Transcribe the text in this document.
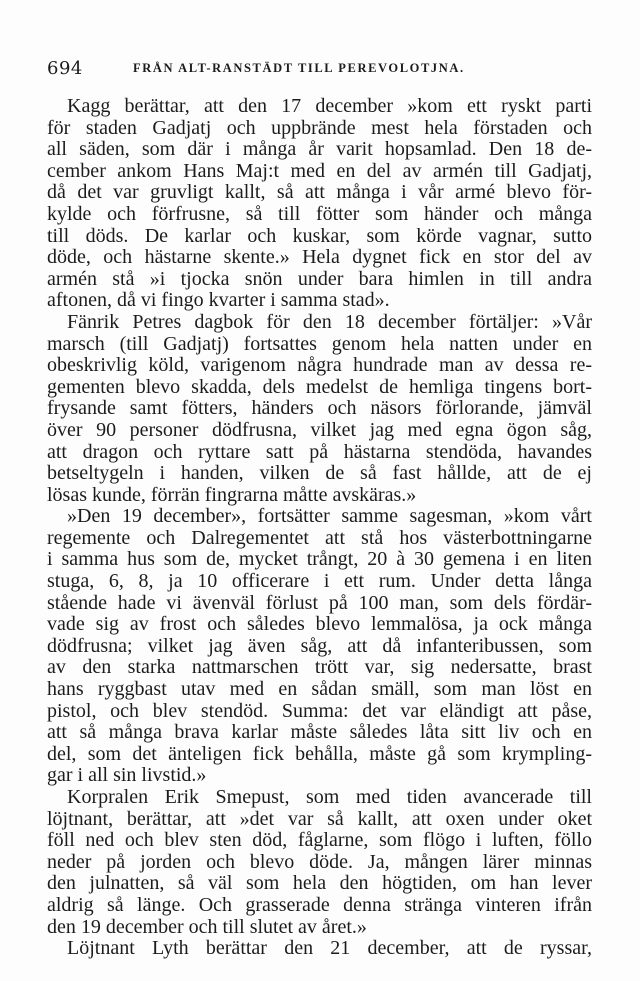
694	FRÅN ALT-RANSTÄDT TILL PEREVOLOTJNA.
Kagg berättar, att den 17 december »kom ett ryskt parti
för staden Gadjatj och uppbrände mest hela förstaden och
all säden, som där i många år varit hopsamlad. Den 18 de-
cember ankom Hans Maj:t med en del av armén till Gadjatj,
då det var gruvligt kallt, så att många i vår armé blevo för-
kylde och förfrusne, så till fötter som händer och många
till döds. De karlar och kuskar, som körde vagnar, sutto
döde, och hästarne skente.» Hela dygnet fick en stor del av
armén stå »i tjocka snön under bara himlen in till andra
aftonen, då vi fingo kvarter i samma stad».
Fänrik Petres dagbok för den 18 december förtäljer: »Vår
marsch (till Gadjatj) fortsattes genom hela natten under en
obeskrivlig köld, varigenom några hundrade man av dessa re-
gementen blevo skadda, dels medelst de hemliga tingens bort-
frysande samt fötters, händers och näsors förlorande, jämväl
över 90 personer dödfrusna, vilket jag med egna ögon såg,
att dragon och ryttare satt på hästarna stendöda, havandes
betseltygeln i handen, vilken de så fast hållde, att de ej
lösas kunde, förrän fingrarna måtte avskäras.»
»Den 19 december», fortsätter samme sagesman, »kom vårt
regemente och Dalregementet att stå hos västerbottningarne
i samma hus som de, mycket trångt, 20 à 30 gemena i en liten
stuga, 6, 8, ja 10 officerare i ett rum. Under detta långa
stående hade vi ävenväl förlust på 100 man, som dels fördär-
vade sig av frost och således blevo lemmalösa, ja ock många
dödfrusna; vilket jag även såg, att då infanteribussen, som
av den starka nattmarschen trött var, sig nedersatte, brast
hans ryggbast utav med en sådan smäll, som man löst en
pistol, och blev stendöd. Summa: det var eländigt att påse,
att så många brava karlar måste således låta sitt liv och en
del, som det änteligen fick behålla, måste gå som krympling-
gar i all sin livstid.»
Korpralen Erik Smepust, som med tiden avancerade till
löjtnant, berättar, att »det var så kallt, att oxen under oket
föll ned och blev sten död, fåglarne, som flögo i luften, föllo
neder på jorden och blevo döde. Ja, mången lärer minnas
den julnatten, så väl som hela den högtiden, om han lever
aldrig så länge. Och grasserade denna stränga vinteren ifrån
den 19 december och till slutet av året.»
Löjtnant Lyth berättar den 21 december, att de ryssar,
